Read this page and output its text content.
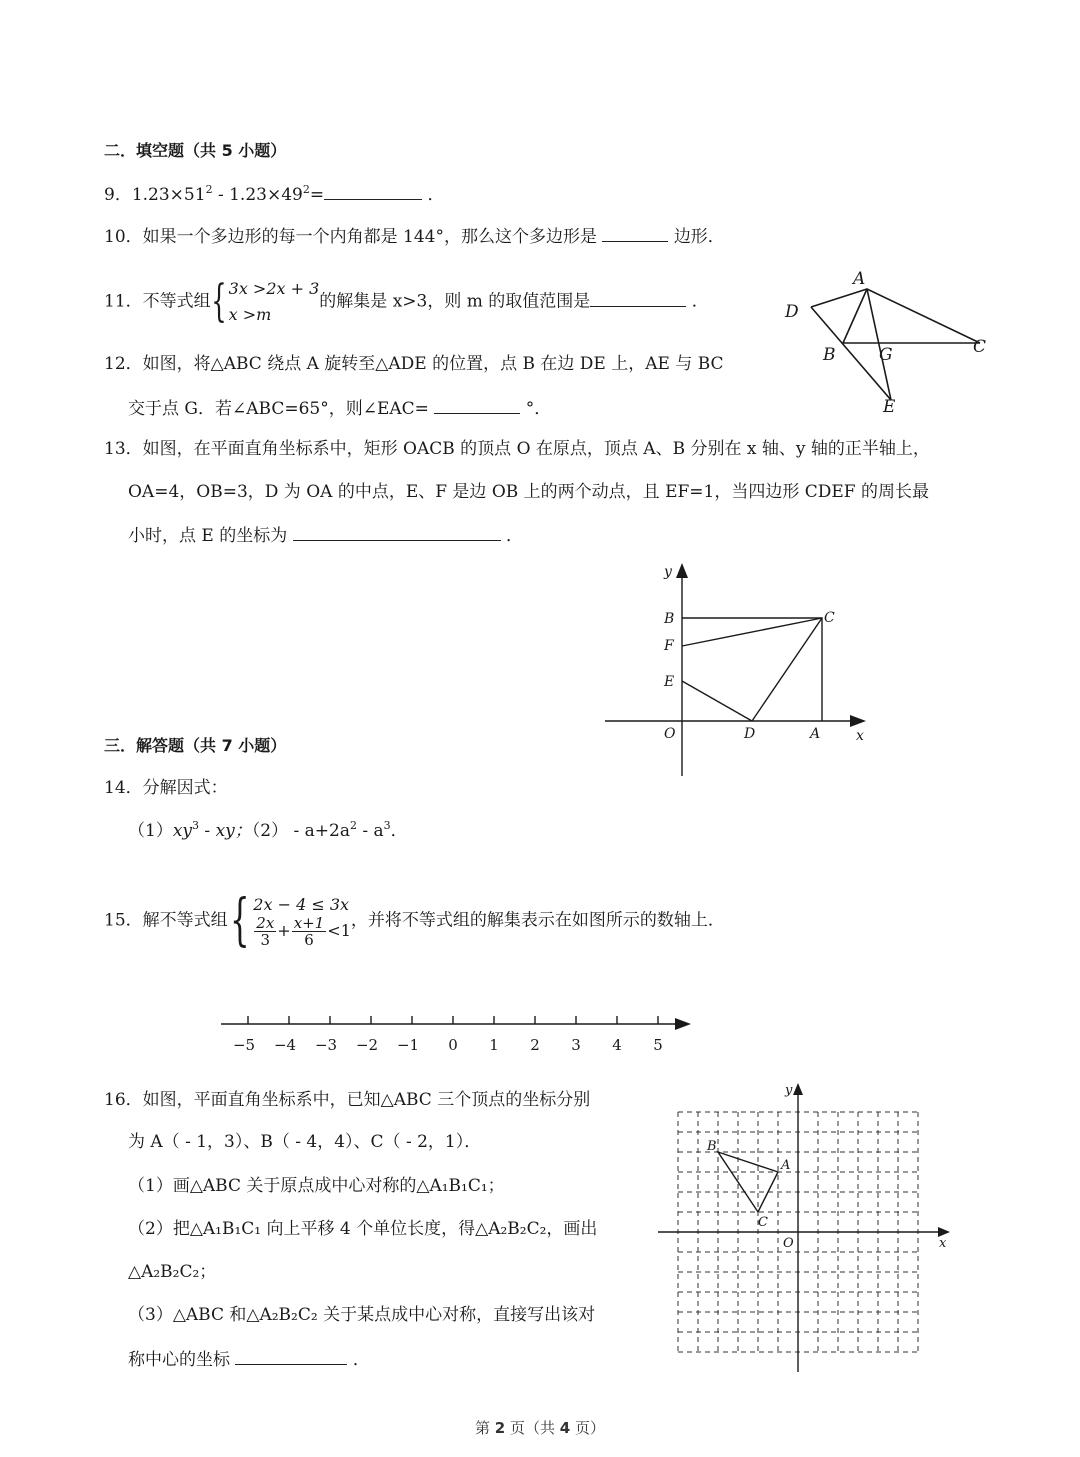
二．填空题（共 5 小题）
9．$1.23\times 51^2 - 1.23\times 49^2=$	．
10．如果一个多边形的每一个内角都是 144°，那么这个多边形是	边形．
11．不等式组{ 3x >2x + 3
x >m
的解集是 x>3，则 m 的取值范围是	．
12．如图，将△ABC 绕点 A 旋转至△ADE 的位置，点 B 在边 DE 上，AE 与 BC
交于点 G．若∠ABC=65°，则∠EAC=	°．
A
D
B	G	C
E
13．如图，在平面直角坐标系中，矩形 OACB 的顶点 O 在原点，顶点 A、B 分别在 x 轴、y 轴的正半轴上，
OA=4，OB=3，D 为 OA 的中点，E、F 是边 OB 上的两个动点，且 EF=1，当四边形 CDEF 的周长最
小时，点 E 的坐标为	．
y
x
O	D	A
B
F
E
C
三．解答题（共 7 小题）
14．分解因式：
$(1)xy^3$ - xy；$(2) - a+2a^2 - a^3$．
15．解不等式组{ 2x − 4 ≤ 3x
$\frac{2x}{3} + \frac{x+1}{6} <1$ ，并将不等式组的解集表示在如图所示的数轴上．
−5 −4 −3 −2 −1 0 1 2 3 4 5
16．如图，平面直角坐标系中，已知△ABC 三个顶点的坐标分别
为 A（ - 1，3）、B（ - 4，4）、C（ - 2，1）．
（1）画△ABC 关于原点成中心对称的△A₁B₁C₁；
（2）把△A₁B₁C₁ 向上平移 4 个单位长度，得△A₂B₂C₂，画出
△A₂B₂C₂；
（3）△ABC 和△A₂B₂C₂ 关于某点成中心对称，直接写出该对
称中心的坐标	．
y
x
O
A
B
C
第 2 页（共 4 页）
